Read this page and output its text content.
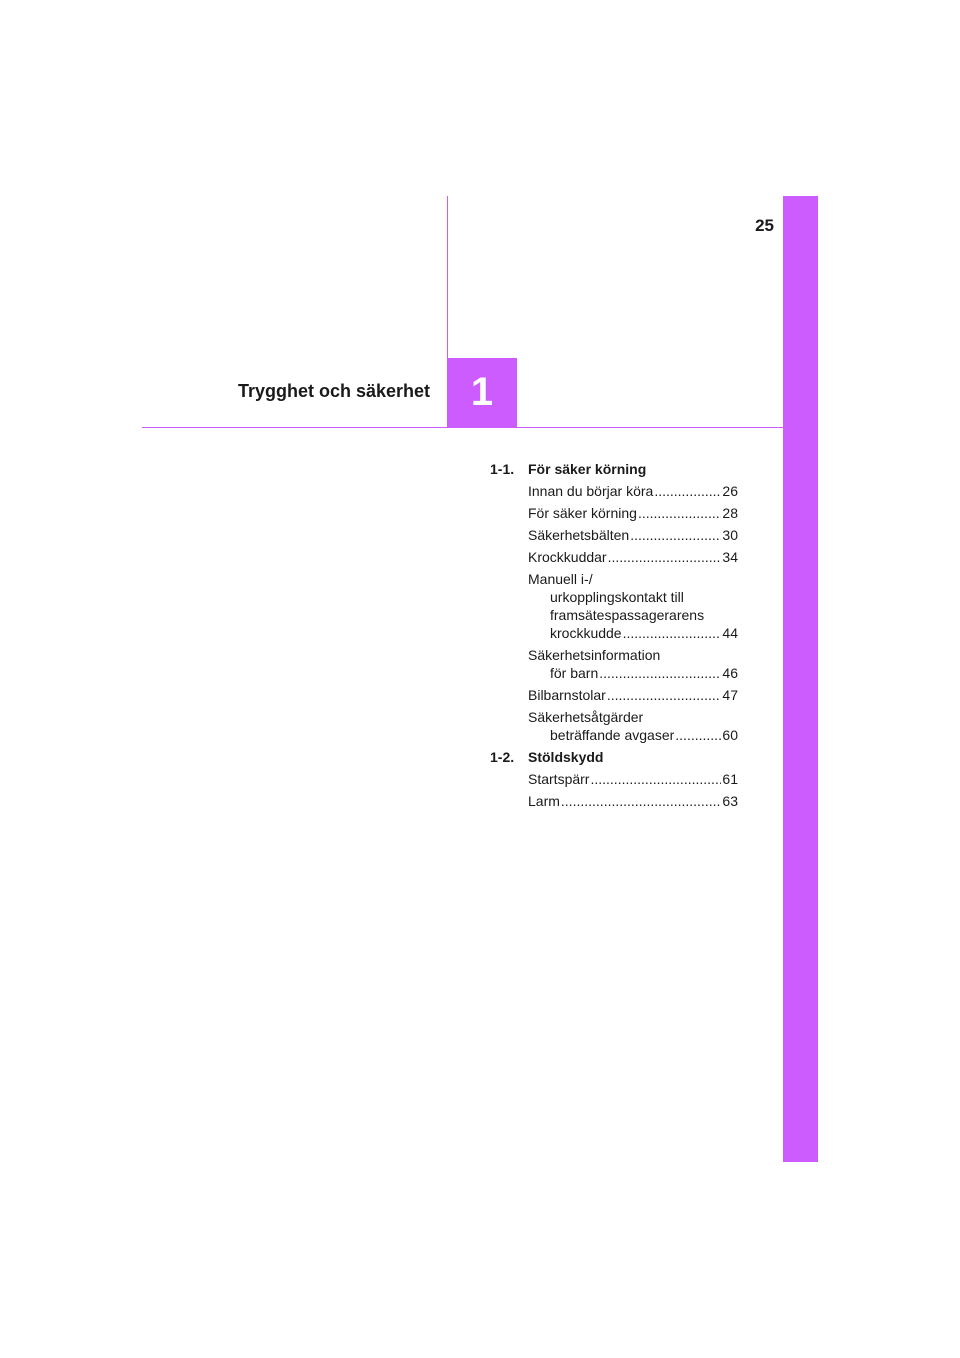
25
1
Trygghet och säkerhet
1-1. För säker körning
Innan du börjar köra .....	26
För säker körning .....	28
Säkerhetsbälten .....	30
Krockkuddar .....	34
Manuell i-/
urkopplingskontakt till
framsätespassagerarens
krockkudde .....	44
Säkerhetsinformation
för barn .....	46
Bilbarnstolar .....	47
Säkerhetsåtgärder
beträffande avgaser .....	60
1-2. Stöldskydd
Startspärr .....	61
Larm .....	63
